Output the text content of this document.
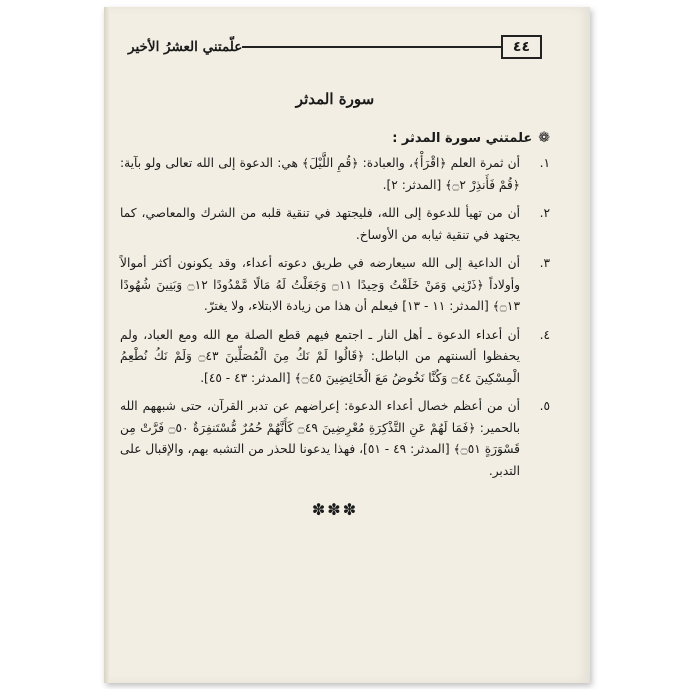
٤٤
علّمتني العشرُ الأخير
سورة المدثر
❁
علمتني سورة المدثر :
١.
أن ثمرة العلم ﴿اقْرَأْ﴾، والعبادة: ﴿قُمِ اللَّيْلَ﴾ هي: الدعوة إلى الله تعالى ولو بآية: ﴿قُمْ فَأَنذِرْ ۝٢﴾ [المدثر: ٢].
٢.
أن من تهيأ للدعوة إلى الله، فليجتهد في تنقية قلبه من الشرك والمعاصي، كما يجتهد في تنقية ثيابه من الأوساخ.
٣.
أن الداعية إلى الله سيعارضه في طريق دعوته أعداء، وقد يكونون أكثر أموالاً وأولاداً ﴿ذَرْنِي وَمَنْ خَلَقْتُ وَحِيدًا ۝١١ وَجَعَلْتُ لَهُ مَالًا مَّمْدُودًا ۝١٢ وَبَنِينَ شُهُودًا ۝١٣﴾ [المدثر: ١١ - ١٣] فيعلم أن هذا من زيادة الابتلاء، ولا يغترّ.
٤.
أن أعداء الدعوة ـ أهل النار ـ اجتمع فيهم قطع الصلة مع الله ومع العباد، ولم يحفظوا ألسنتهم من الباطل: ﴿قَالُوا لَمْ نَكُ مِنَ الْمُصَلِّينَ ۝٤٣ وَلَمْ نَكُ نُطْعِمُ الْمِسْكِينَ ۝٤٤ وَكُنَّا نَخُوضُ مَعَ الْخَائِضِينَ ۝٤٥﴾ [المدثر: ٤٣ - ٤٥].
٥.
أن من أعظم خصال أعداء الدعوة: إعراضهم عن تدبر القرآن، حتى شبههم الله بالحمير: ﴿فَمَا لَهُمْ عَنِ التَّذْكِرَةِ مُعْرِضِينَ ۝٤٩ كَأَنَّهُمْ حُمُرٌ مُّسْتَنفِرَةٌ ۝٥٠ فَرَّتْ مِن قَسْوَرَةٍ ۝٥١﴾ [المدثر: ٤٩ - ٥١]، فهذا يدعونا للحذر من التشبه بهم، والإقبال على التدبر.
✽✽✽
